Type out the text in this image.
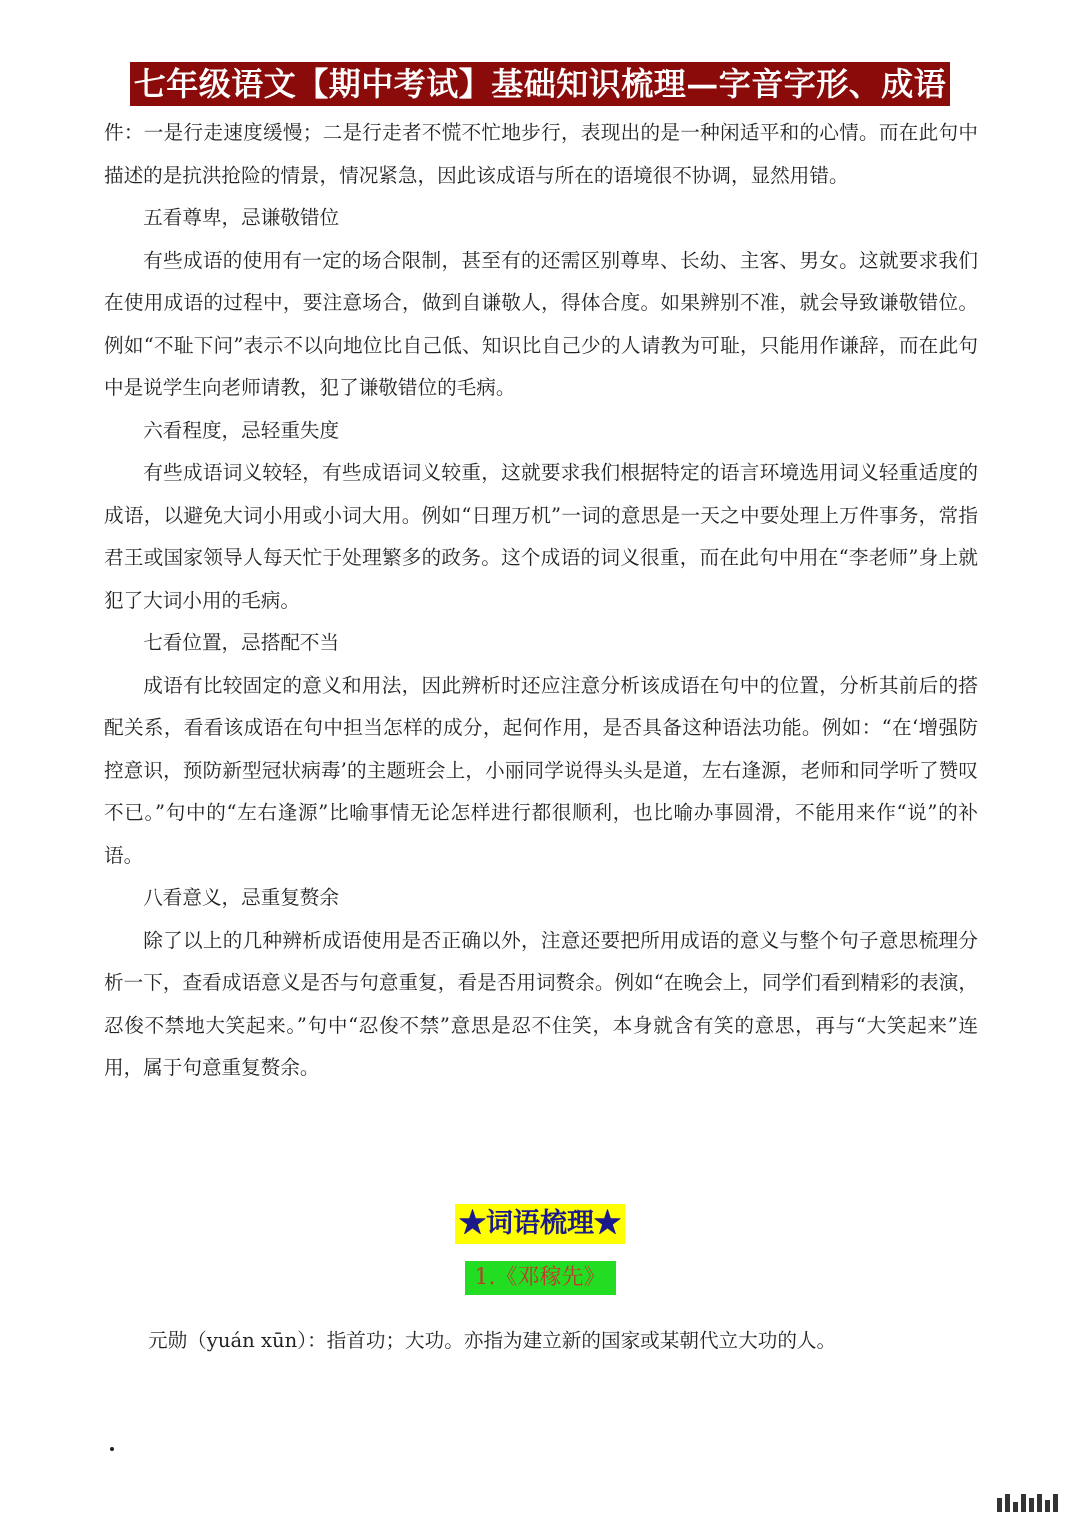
七年级语文【期中考试】基础知识梳理—字音字形、成语

件：一是行走速度缓慢；二是行走者不慌不忙地步行，表现出的是一种闲适平和的心情。而在此句中描述的是抗洪抢险的情景，情况紧急，因此该成语与所在的语境很不协调，显然用错。

五看尊卑，忌谦敬错位

有些成语的使用有一定的场合限制，甚至有的还需区别尊卑、长幼、主客、男女。这就要求我们在使用成语的过程中，要注意场合，做到自谦敬人，得体合度。如果辨别不准，就会导致谦敬错位。例如“不耻下问”表示不以向地位比自己低、知识比自己少的人请教为可耻，只能用作谦辞，而在此句中是说学生向老师请教，犯了谦敬错位的毛病。

六看程度，忌轻重失度

有些成语词义较轻，有些成语词义较重，这就要求我们根据特定的语言环境选用词义轻重适度的成语，以避免大词小用或小词大用。例如“日理万机”一词的意思是一天之中要处理上万件事务，常指君王或国家领导人每天忙于处理繁多的政务。这个成语的词义很重，而在此句中用在“李老师”身上就犯了大词小用的毛病。

七看位置，忌搭配不当

成语有比较固定的意义和用法，因此辨析时还应注意分析该成语在句中的位置，分析其前后的搭配关系，看看该成语在句中担当怎样的成分，起何作用，是否具备这种语法功能。例如：“在‘增强防控意识，预防新型冠状病毒’的主题班会上，小丽同学说得头头是道，左右逢源，老师和同学听了赞叹不已。”句中的“左右逢源”比喻事情无论怎样进行都很顺利，也比喻办事圆滑，不能用来作“说”的补语。

八看意义，忌重复赘余

除了以上的几种辨析成语使用是否正确以外，注意还要把所用成语的意义与整个句子意思梳理分析一下，查看成语意义是否与句意重复，看是否用词赘余。例如“在晚会上，同学们看到精彩的表演，忍俊不禁地大笑起来。”句中“忍俊不禁”意思是忍不住笑，本身就含有笑的意思，再与“大笑起来”连用，属于句意重复赘余。

★词语梳理★
1.《邓稼先》
元勋（yuán xūn）：指首功；大功。亦指为建立新的国家或某朝代立大功的人。
